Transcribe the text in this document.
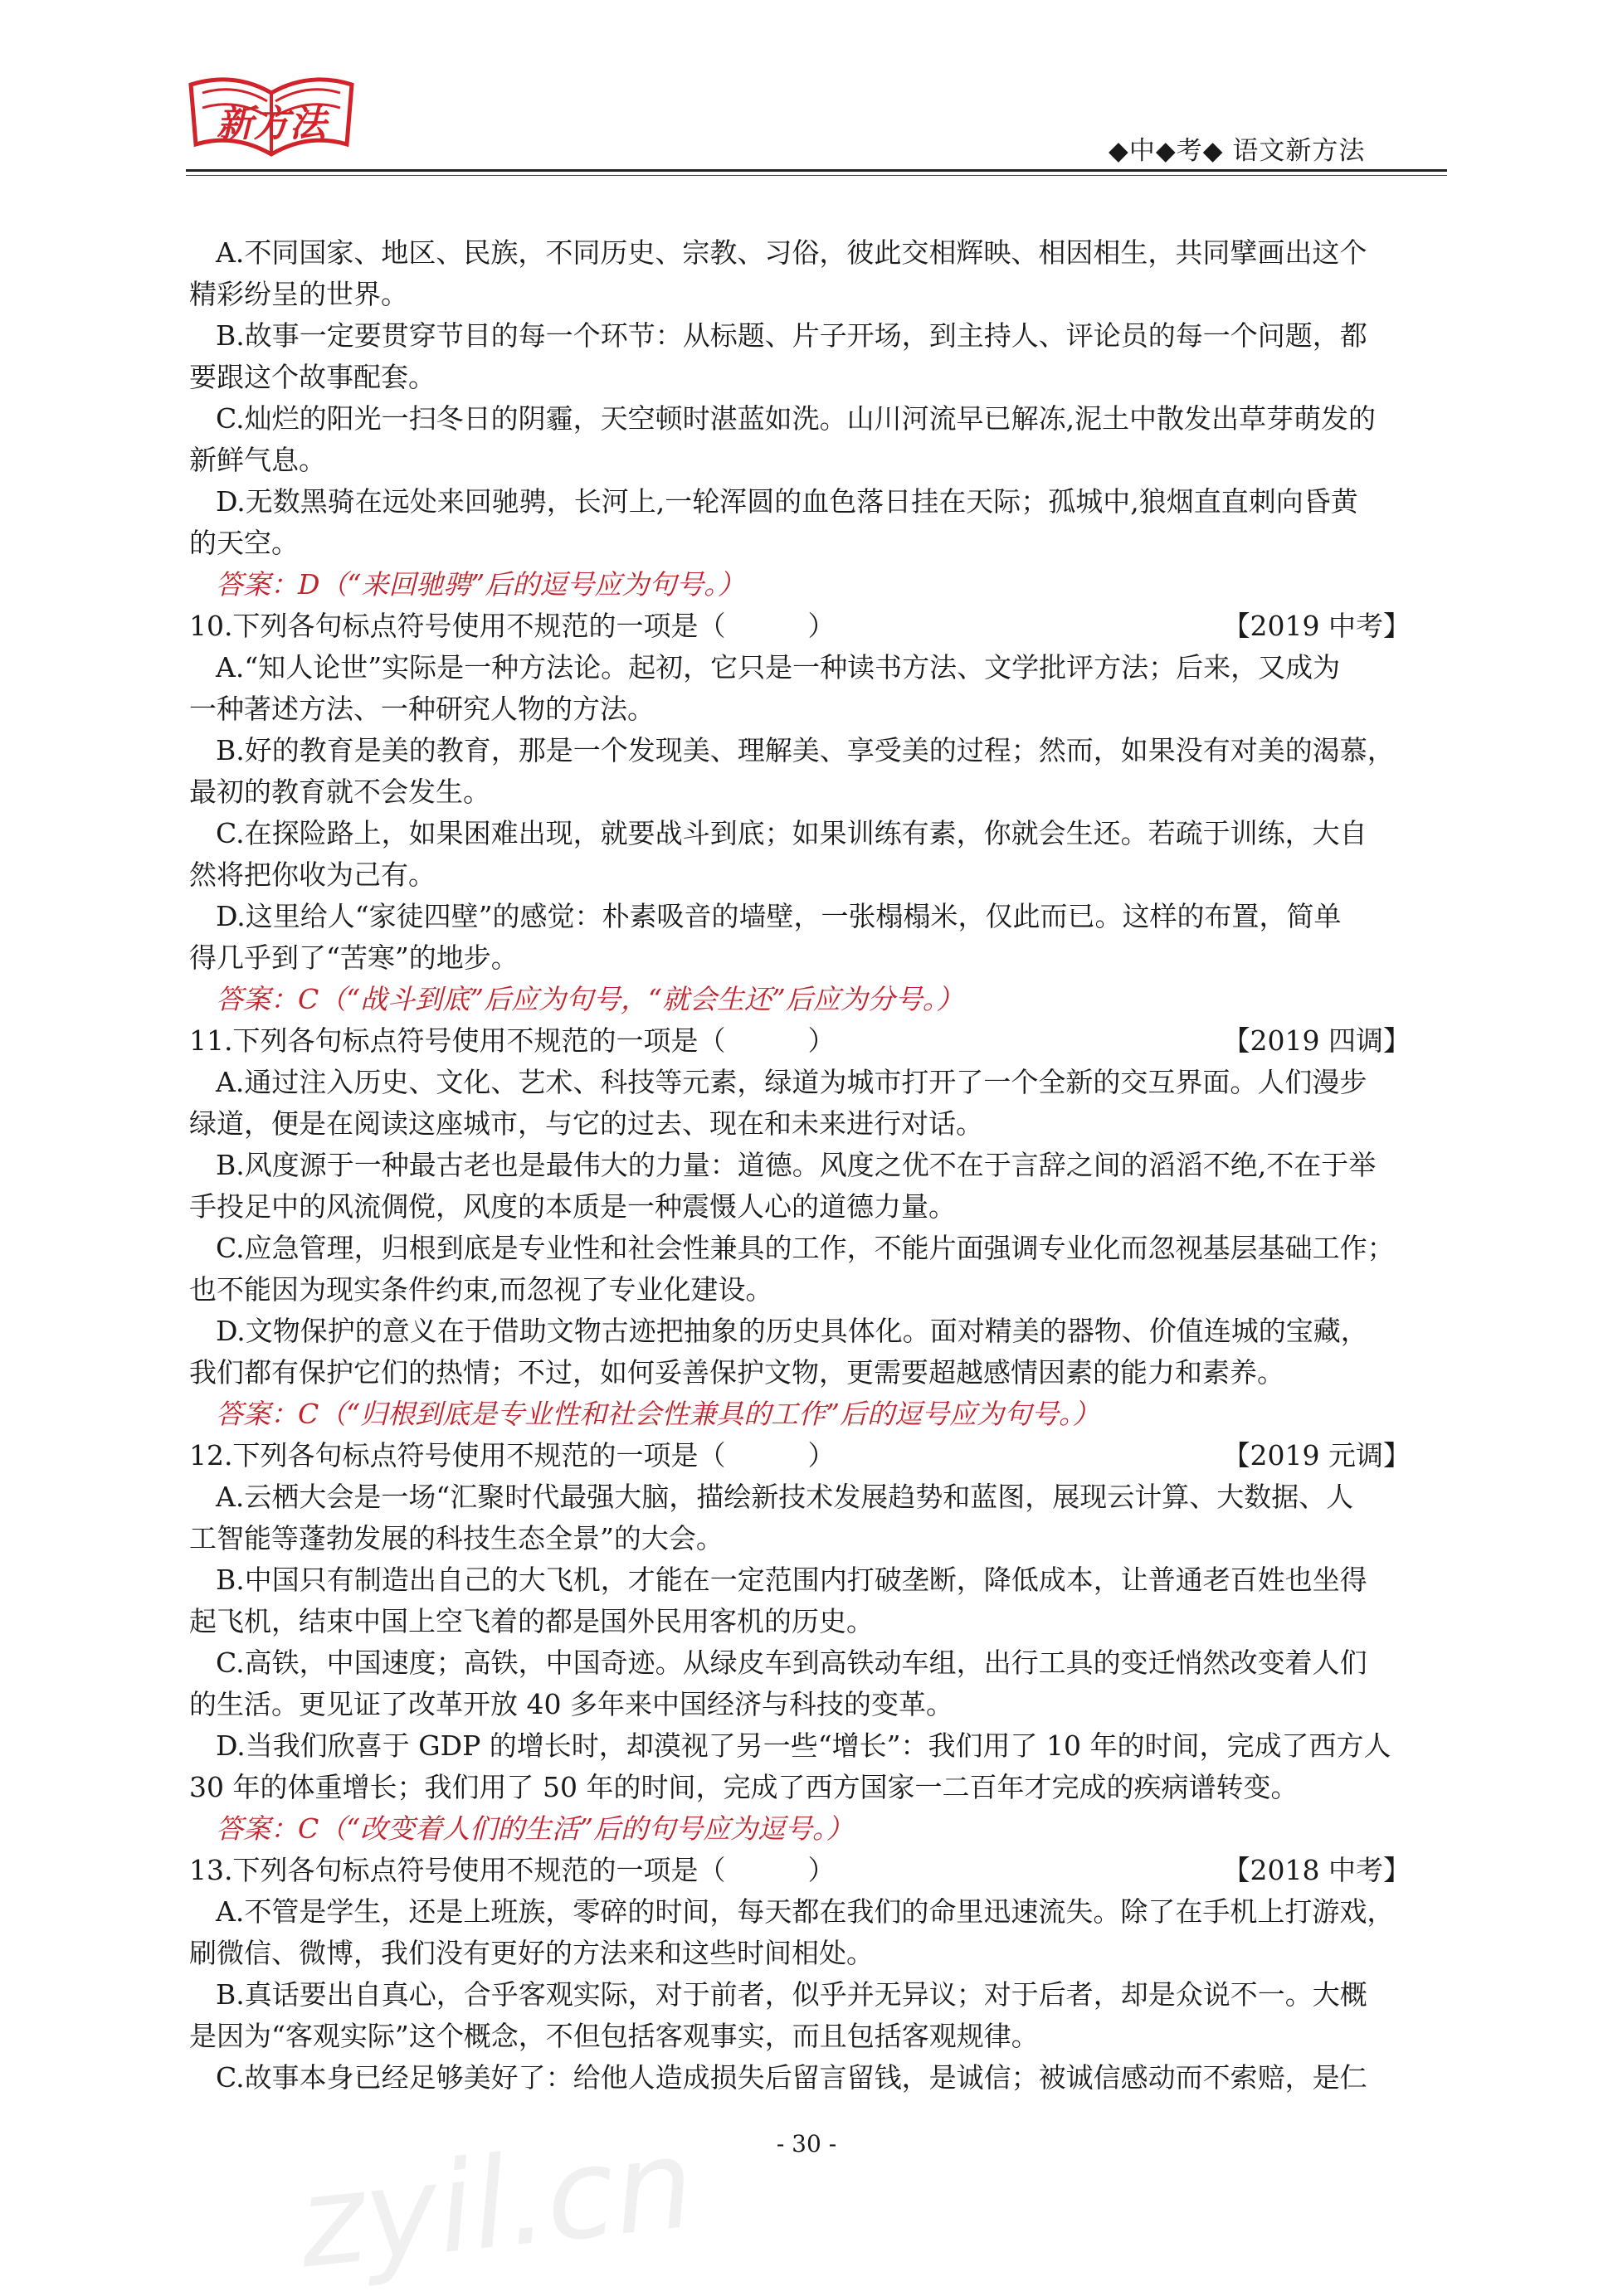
新方法
◆中◆考◆ 语文新方法
A.不同国家、地区、民族，不同历史、宗教、习俗，彼此交相辉映、相因相生，共同擘画出这个
精彩纷呈的世界。
B.故事一定要贯穿节目的每一个环节：从标题、片子开场，到主持人、评论员的每一个问题，都
要跟这个故事配套。
C.灿烂的阳光一扫冬日的阴霾，天空顿时湛蓝如洗。山川河流早已解冻,泥土中散发出草芽萌发的
新鲜气息。
D.无数黑骑在远处来回驰骋，长河上,一轮浑圆的血色落日挂在天际；孤城中,狼烟直直刺向昏黄
的天空。
答案：D（“来回驰骋”后的逗号应为句号。）
10.下列各句标点符号使用不规范的一项是（　　　）	【2019 中考】
A.“知人论世”实际是一种方法论。起初，它只是一种读书方法、文学批评方法；后来，又成为
一种著述方法、一种研究人物的方法。
B.好的教育是美的教育，那是一个发现美、理解美、享受美的过程；然而，如果没有对美的渴慕，
最初的教育就不会发生。
C.在探险路上，如果困难出现，就要战斗到底；如果训练有素，你就会生还。若疏于训练，大自
然将把你收为己有。
D.这里给人“家徒四壁”的感觉：朴素吸音的墙壁，一张榻榻米，仅此而已。这样的布置，简单
得几乎到了“苦寒”的地步。
答案：C（“战斗到底”后应为句号，“就会生还”后应为分号。）
11.下列各句标点符号使用不规范的一项是（　　　）	【2019 四调】
A.通过注入历史、文化、艺术、科技等元素，绿道为城市打开了一个全新的交互界面。人们漫步
绿道，便是在阅读这座城市，与它的过去、现在和未来进行对话。
B.风度源于一种最古老也是最伟大的力量：道德。风度之优不在于言辞之间的滔滔不绝,不在于举
手投足中的风流倜傥，风度的本质是一种震慑人心的道德力量。
C.应急管理，归根到底是专业性和社会性兼具的工作，不能片面强调专业化而忽视基层基础工作；
也不能因为现实条件约束,而忽视了专业化建设。
D.文物保护的意义在于借助文物古迹把抽象的历史具体化。面对精美的器物、价值连城的宝藏，
我们都有保护它们的热情；不过，如何妥善保护文物，更需要超越感情因素的能力和素养。
答案：C（“归根到底是专业性和社会性兼具的工作”后的逗号应为句号。）
12.下列各句标点符号使用不规范的一项是（　　　）	【2019 元调】
A.云栖大会是一场“汇聚时代最强大脑，描绘新技术发展趋势和蓝图，展现云计算、大数据、人
工智能等蓬勃发展的科技生态全景”的大会。
B.中国只有制造出自己的大飞机，才能在一定范围内打破垄断，降低成本，让普通老百姓也坐得
起飞机，结束中国上空飞着的都是国外民用客机的历史。
C.高铁，中国速度；高铁，中国奇迹。从绿皮车到高铁动车组，出行工具的变迁悄然改变着人们
的生活。更见证了改革开放 40 多年来中国经济与科技的变革。
D.当我们欣喜于 GDP 的增长时，却漠视了另一些“增长”：我们用了 10 年的时间，完成了西方人
30 年的体重增长；我们用了 50 年的时间，完成了西方国家一二百年才完成的疾病谱转变。
答案：C（“改变着人们的生活”后的句号应为逗号。）
13.下列各句标点符号使用不规范的一项是（　　　）	【2018 中考】
A.不管是学生，还是上班族，零碎的时间，每天都在我们的命里迅速流失。除了在手机上打游戏，
刷微信、微博，我们没有更好的方法来和这些时间相处。
B.真话要出自真心，合乎客观实际，对于前者，似乎并无异议；对于后者，却是众说不一。大概
是因为“客观实际”这个概念，不但包括客观事实，而且包括客观规律。
C.故事本身已经足够美好了：给他人造成损失后留言留钱，是诚信；被诚信感动而不索赔，是仁
- 30 -
zyil.cn
